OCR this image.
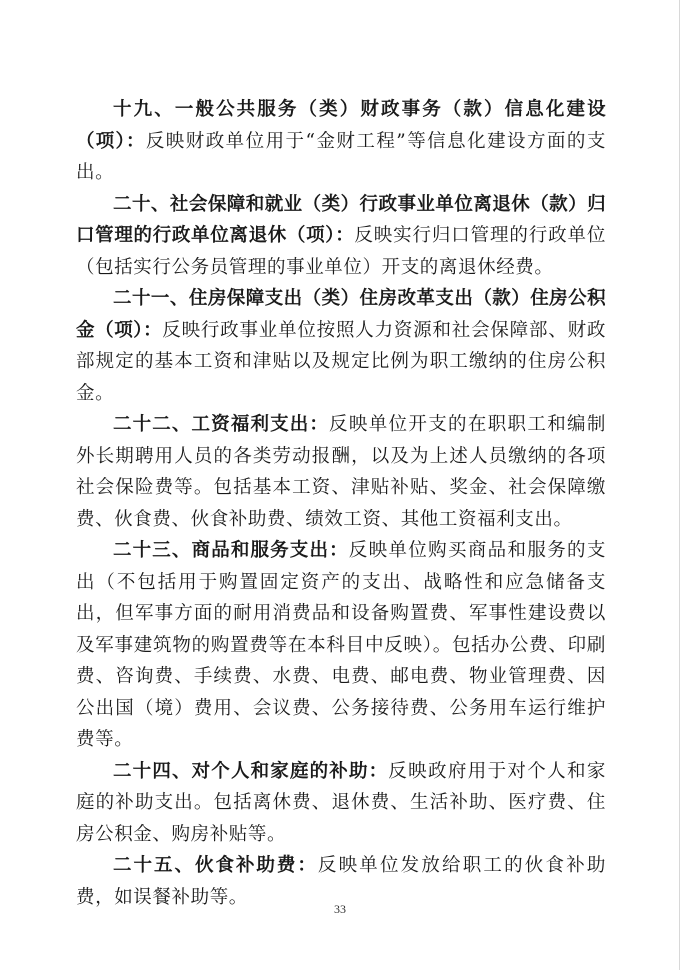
十九、一般公共服务（类）财政事务（款）信息化建设（项）：反映财政单位用于“金财工程”等信息化建设方面的支出。

二十、社会保障和就业（类）行政事业单位离退休（款）归口管理的行政单位离退休（项）：反映实行归口管理的行政单位（包括实行公务员管理的事业单位）开支的离退休经费。

二十一、住房保障支出（类）住房改革支出（款）住房公积金（项）：反映行政事业单位按照人力资源和社会保障部、财政部规定的基本工资和津贴以及规定比例为职工缴纳的住房公积金。

二十二、工资福利支出：反映单位开支的在职职工和编制外长期聘用人员的各类劳动报酬，以及为上述人员缴纳的各项社会保险费等。包括基本工资、津贴补贴、奖金、社会保障缴费、伙食费、伙食补助费、绩效工资、其他工资福利支出。

二十三、商品和服务支出：反映单位购买商品和服务的支出（不包括用于购置固定资产的支出、战略性和应急储备支出，但军事方面的耐用消费品和设备购置费、军事性建设费以及军事建筑物的购置费等在本科目中反映）。包括办公费、印刷费、咨询费、手续费、水费、电费、邮电费、物业管理费、因公出国（境）费用、会议费、公务接待费、公务用车运行维护费等。

二十四、对个人和家庭的补助：反映政府用于对个人和家庭的补助支出。包括离休费、退休费、生活补助、医疗费、住房公积金、购房补贴等。

二十五、伙食补助费：反映单位发放给职工的伙食补助费，如误餐补助等。

33
